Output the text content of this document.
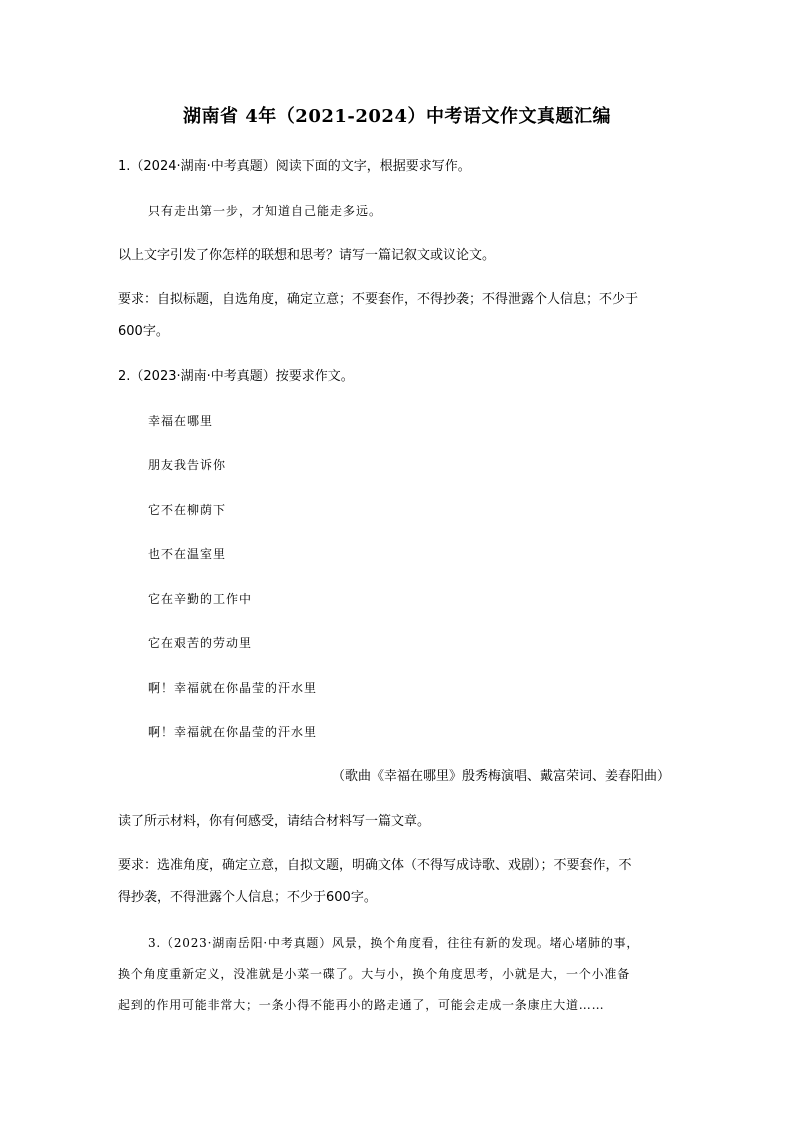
湖南省 4年（2021-2024）中考语文作文真题汇编
1.（2024·湖南·中考真题）阅读下面的文字，根据要求写作。
只有走出第一步，才知道自己能走多远。
以上文字引发了你怎样的联想和思考？请写一篇记叙文或议论文。
要求：自拟标题，自选角度，确定立意；不要套作，不得抄袭；不得泄露个人信息；不少于
600字。
2.（2023·湖南·中考真题）按要求作文。
幸福在哪里
朋友我告诉你
它不在柳荫下
也不在温室里
它在辛勤的工作中
它在艰苦的劳动里
啊！幸福就在你晶莹的汗水里
啊！幸福就在你晶莹的汗水里
（歌曲《幸福在哪里》殷秀梅演唱、戴富荣词、姜春阳曲）
读了所示材料，你有何感受，请结合材料写一篇文章。
要求：选准角度，确定立意，自拟文题，明确文体（不得写成诗歌、戏剧）；不要套作，不
得抄袭，不得泄露个人信息；不少于600字。
3.（2023·湖南岳阳·中考真题）风景，换个角度看，往往有新的发现。堵心堵肺的事，
换个角度重新定义，没准就是小菜一碟了。大与小，换个角度思考，小就是大，一个小准备
起到的作用可能非常大；一条小得不能再小的路走通了，可能会走成一条康庄大道……
